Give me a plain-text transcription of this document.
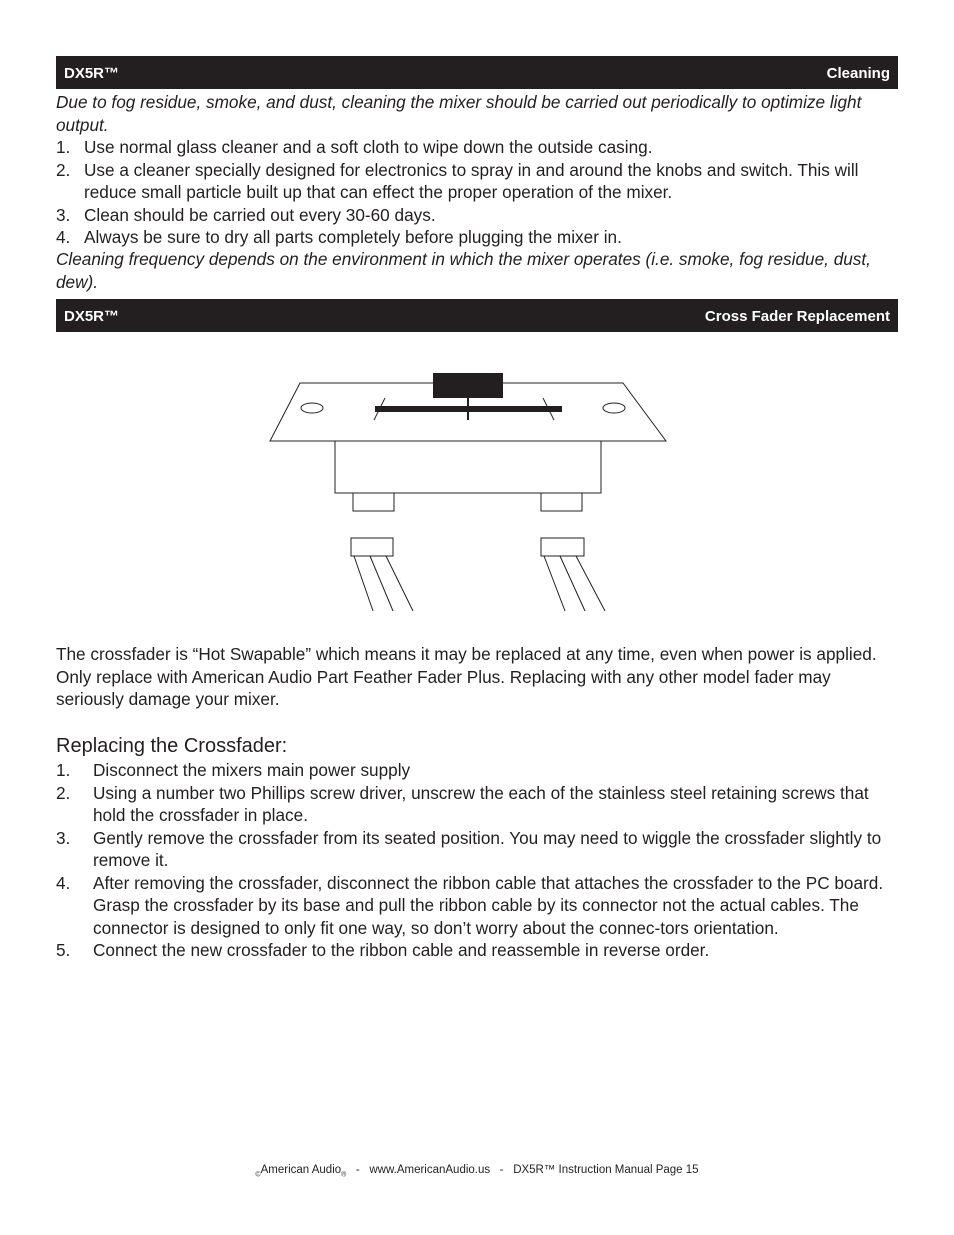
DX5R™	Cleaning

Due to fog residue, smoke, and dust, cleaning the mixer should be carried out periodically to optimize light output.

1. Use normal glass cleaner and a soft cloth to wipe down the outside casing.
2. Use a cleaner specially designed for electronics to spray in and around the knobs and switch. This will reduce small particle built up that can effect the proper operation of the mixer.
3. Clean should be carried out every 30-60 days.
4. Always be sure to dry all parts completely before plugging the mixer in.

Cleaning frequency depends on the environment in which the mixer operates (i.e. smoke, fog residue, dust, dew).

DX5R™	Cross Fader Replacement

The crossfader is “Hot Swapable” which means it may be replaced at any time, even when power is applied. Only replace with American Audio Part Feather Fader Plus. Replacing with any other model fader may seriously damage your mixer.

Replacing the Crossfader:
1. Disconnect the mixers main power supply
2. Using a number two Phillips screw driver, unscrew the each of the stainless steel retaining screws that hold the crossfader in place.
3. Gently remove the crossfader from its seated position. You may need to wiggle the crossfader slightly to remove it.
4. After removing the crossfader, disconnect the ribbon cable that attaches the crossfader to the PC board. Grasp the crossfader by its base and pull the ribbon cable by its connector not the actual cables. The connector is designed to only fit one way, so don’t worry about the connec-tors orientation.
5. Connect the new crossfader to the ribbon cable and reassemble in reverse order.
$_©$American Audio$_®$ - www.AmericanAudio.us - DX5R™ Instruction Manual Page 15
